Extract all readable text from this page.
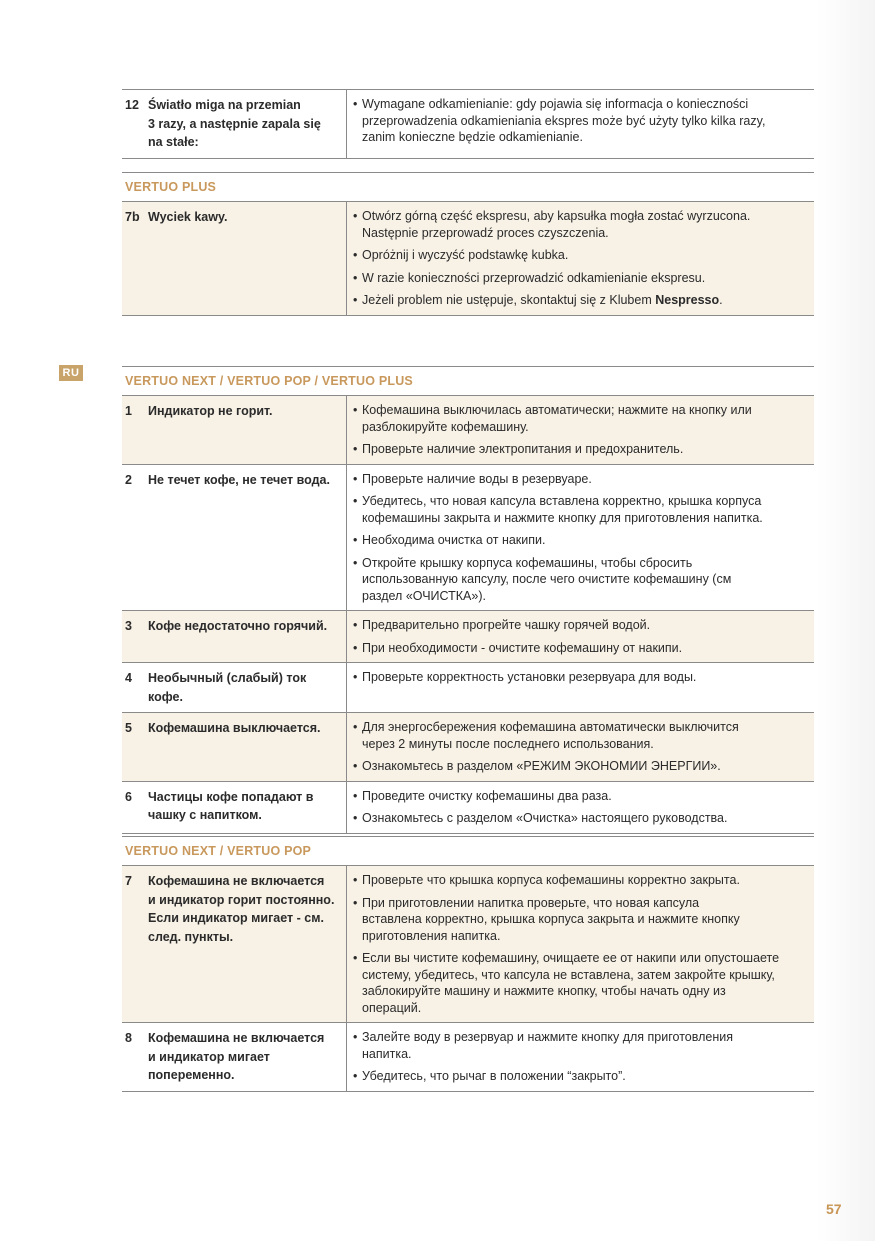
RU
12 Światło miga na przemian
3 razy, a następnie zapala się
na stałe:
• Wymagane odkamienianie: gdy pojawia się informacja o konieczności
przeprowadzenia odkamieniania ekspres może być użyty tylko kilka razy,
zanim konieczne będzie odkamienianie.
VERTUO PLUS
7b Wyciek kawy.	• Otwórz górną część ekspresu, aby kapsułka mogła zostać wyrzucona.
Następnie przeprowadź proces czyszczenia.
• Opróżnij i wyczyść podstawkę kubka.
• W razie konieczności przeprowadzić odkamienianie ekspresu.
• Jeżeli problem nie ustępuje, skontaktuj się z Klubem Nespresso.
VERTUO NEXT / VERTUO POP / VERTUO PLUS
1	Индикатор не горит.	• Кофемашина выключилась автоматически; нажмите на кнопку или
разблокируйте кофемашину.
• Проверьте наличие электропитания и предохранитель.
2	Не течет кофе, не течет вода.	• Проверьте наличие воды в резервуаре.
• Убедитесь, что новая капсула вставлена корректно, крышка корпуса
кофемашины закрыта и нажмите кнопку для приготовления напитка.
• Необходима очистка от накипи.
• Откройте крышку корпуса кофемашины, чтобы сбросить
использованную капсулу, после чего очистите кофемашину (см
раздел «ОЧИСТКА»).
3	Кофе недостаточно горячий.	• Предварительно прогрейте чашку горячей водой.
• При необходимости - очистите кофемашину от накипи.
4	Необычный (слабый) ток
кофе.
• Проверьте корректность установки резервуара для воды.
5	Кофемашина выключается.	• Для энергосбережения кофемашина автоматически выключится
через 2 минуты после последнего использования.
• Ознакомьтесь в разделом «РЕЖИМ ЭКОНОМИИ ЭНЕРГИИ».
6	Частицы кофе попадают в
чашку с напитком.
• Проведите очистку кофемашины два раза.
• Ознакомьтесь с разделом «Очистка» настоящего руководства.
VERTUO NEXT / VERTUO POP
7	Кофемашина не включается
и индикатор горит постоянно.
Если индикатор мигает - см.
след. пункты.
• Проверьте что крышка корпуса кофемашины корректно закрыта.
• При приготовлении напитка проверьте, что новая капсула
вставлена корректно, крышка корпуса закрыта и нажмите кнопку
приготовления напитка.
• Если вы чистите кофемашину, очищаете ее от накипи или опустошаете
систему, убедитесь, что капсула не вставлена, затем закройте крышку,
заблокируйте машину и нажмите кнопку, чтобы начать одну из
операций.
8	Кофемашина не включается
и индикатор мигает
попеременно.
• Залейте воду в резервуар и нажмите кнопку для приготовления
напитка.
• Убедитесь, что рычаг в положении “закрыто”.
57
